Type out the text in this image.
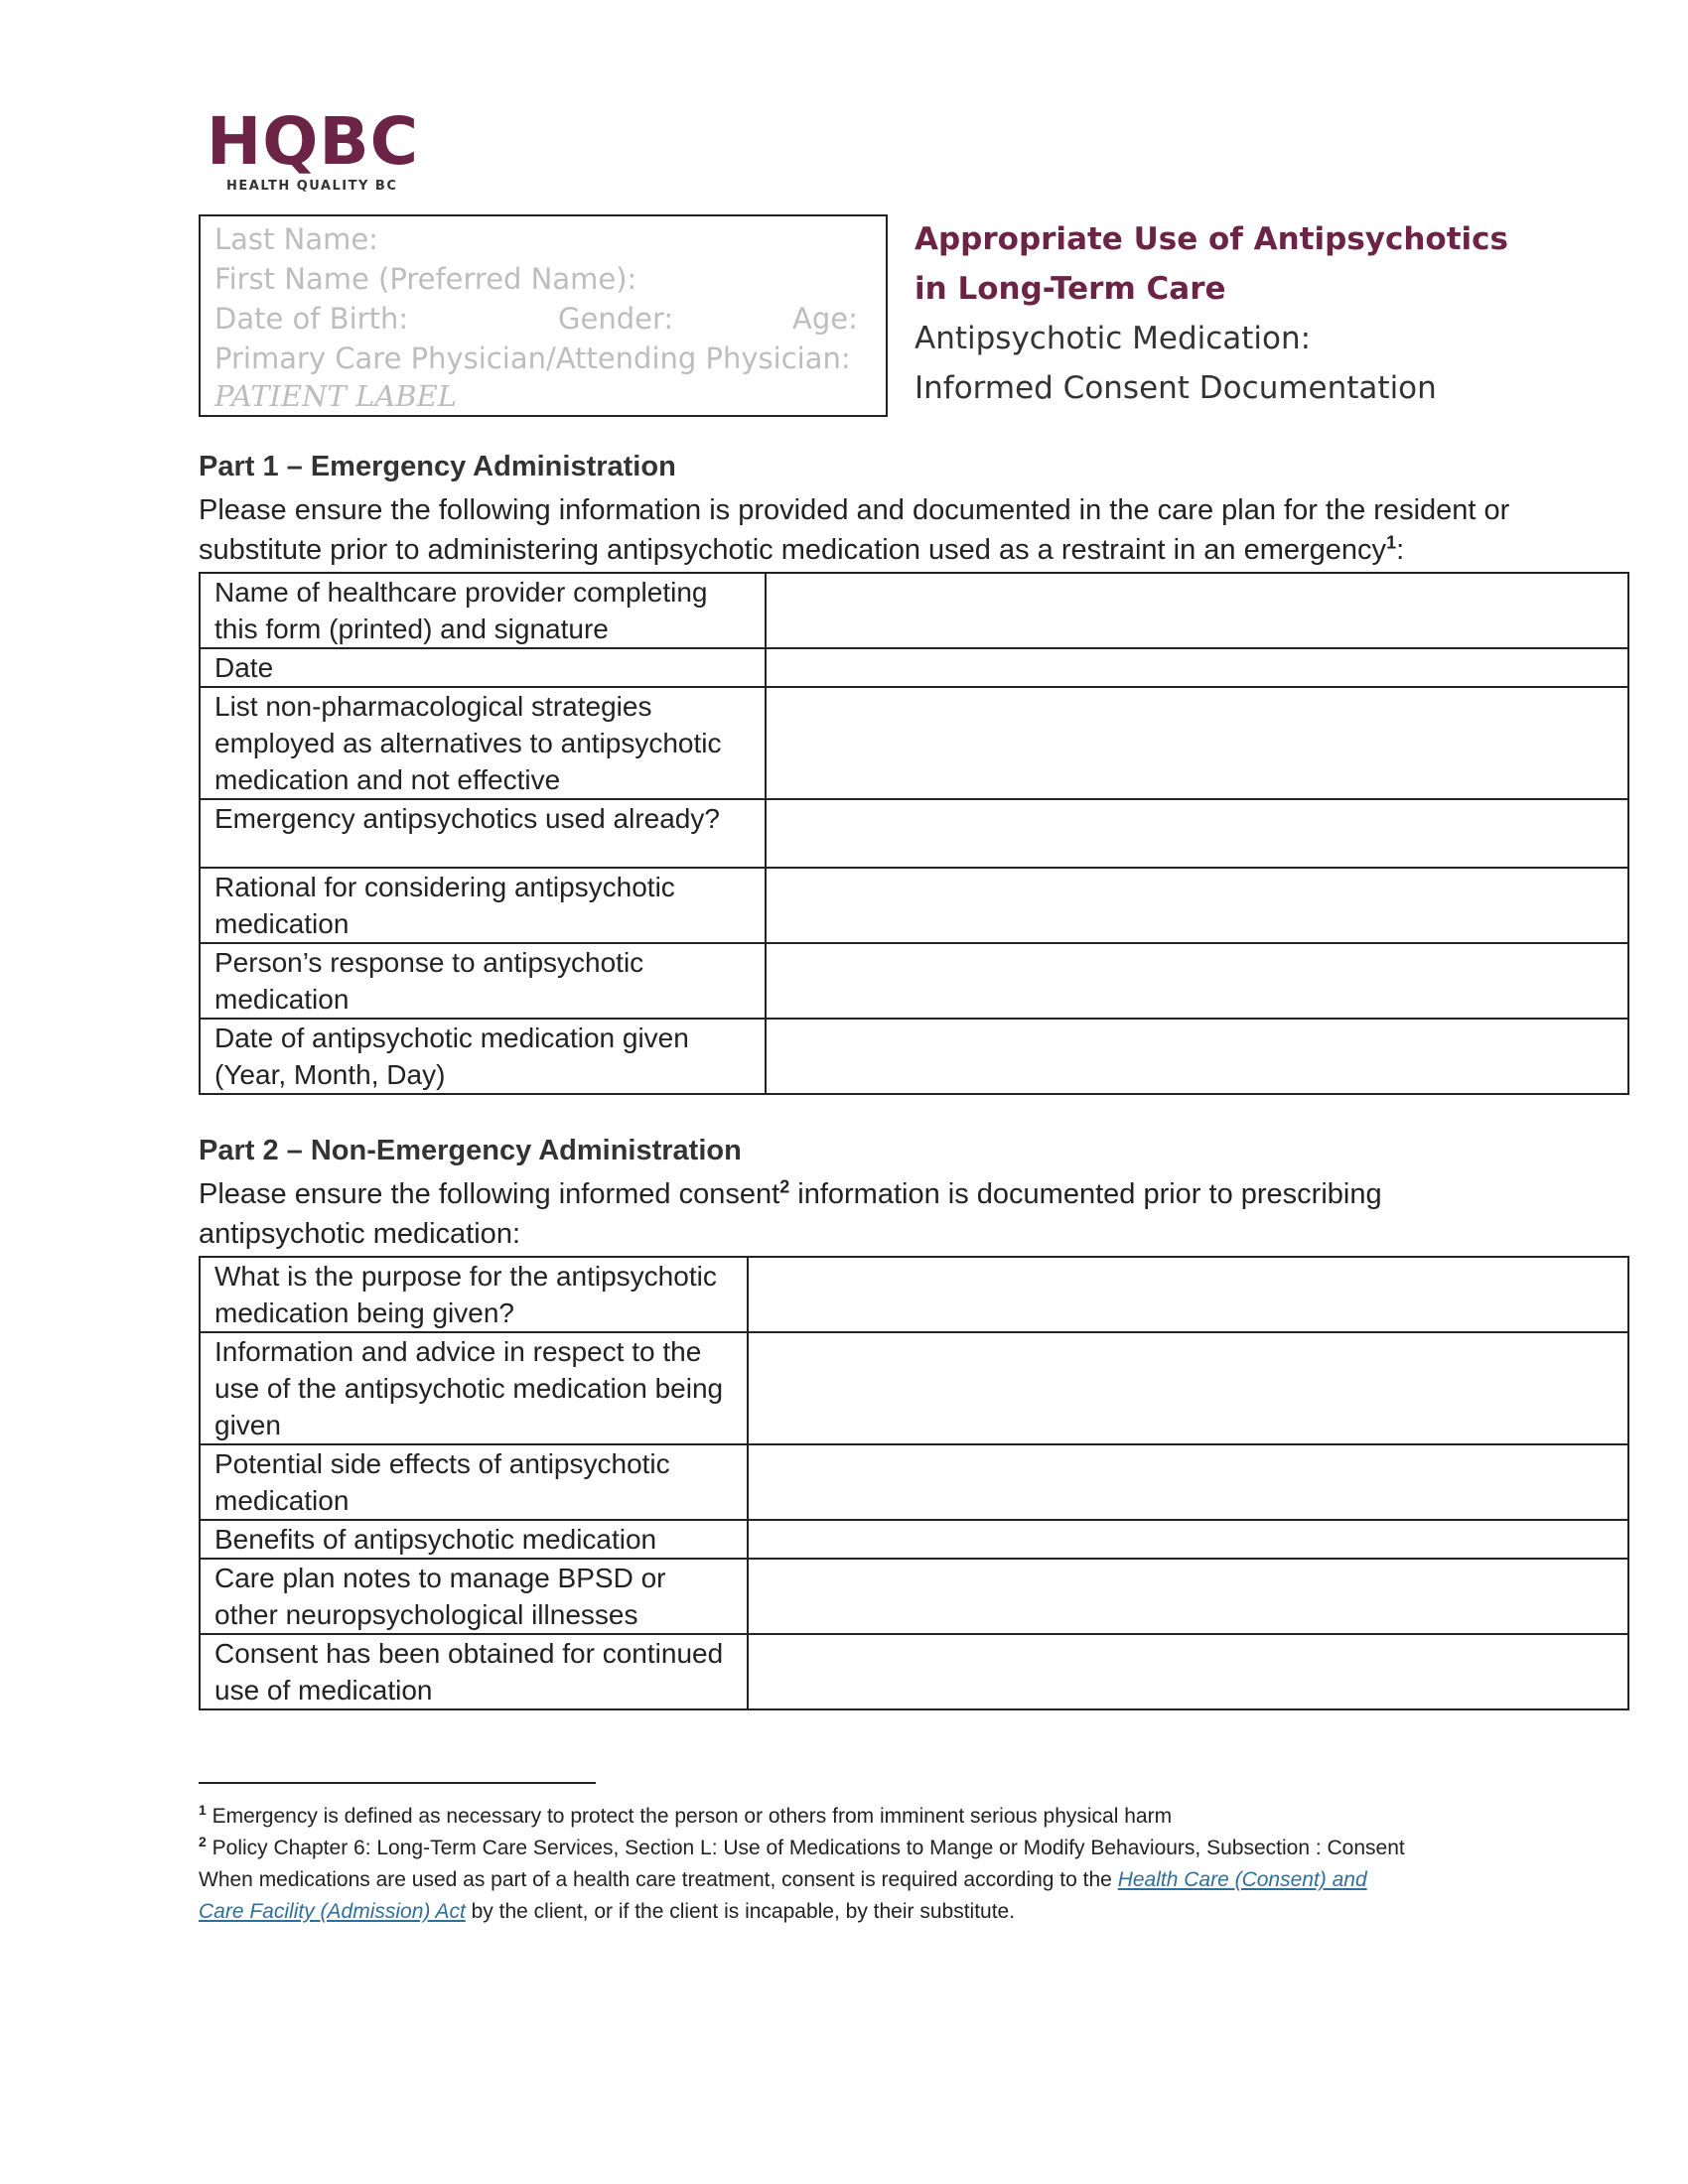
HQBC
HEALTH QUALITY BC
Last Name:
First Name (Preferred Name):
Date of Birth:	Gender:	Age:
Primary Care Physician/Attending Physician:
PATIENT LABEL
Appropriate Use of Antipsychotics
in Long-Term Care
Antipsychotic Medication:
Informed Consent Documentation
Part 1 – Emergency Administration
Please ensure the following information is provided and documented in the care plan for the resident or
substitute prior to administering antipsychotic medication used as a restraint in an emergency$^1$:
Name of healthcare provider completing this form (printed) and signature	
Date	
List non-pharmacological strategies employed as alternatives to antipsychotic medication and not effective	
Emergency antipsychotics used already?	
Rational for considering antipsychotic medication	
Person’s response to antipsychotic medication	
Date of antipsychotic medication given (Year, Month, Day)	
Part 2 – Non-Emergency Administration
Please ensure the following informed consent$^2$ information is documented prior to prescribing
antipsychotic medication:
What is the purpose for the antipsychotic medication being given?	
Information and advice in respect to the use of the antipsychotic medication being given	
Potential side effects of antipsychotic medication	
Benefits of antipsychotic medication	
Care plan notes to manage BPSD or other neuropsychological illnesses	
Consent has been obtained for continued use of medication	
$^1$ Emergency is defined as necessary to protect the person or others from imminent serious physical harm
$^2$ Policy Chapter 6: Long-Term Care Services, Section L: Use of Medications to Mange or Modify Behaviours, Subsection : Consent
When medications are used as part of a health care treatment, consent is required according to the Health Care (Consent) and
Care Facility (Admission) Act by the client, or if the client is incapable, by their substitute.
